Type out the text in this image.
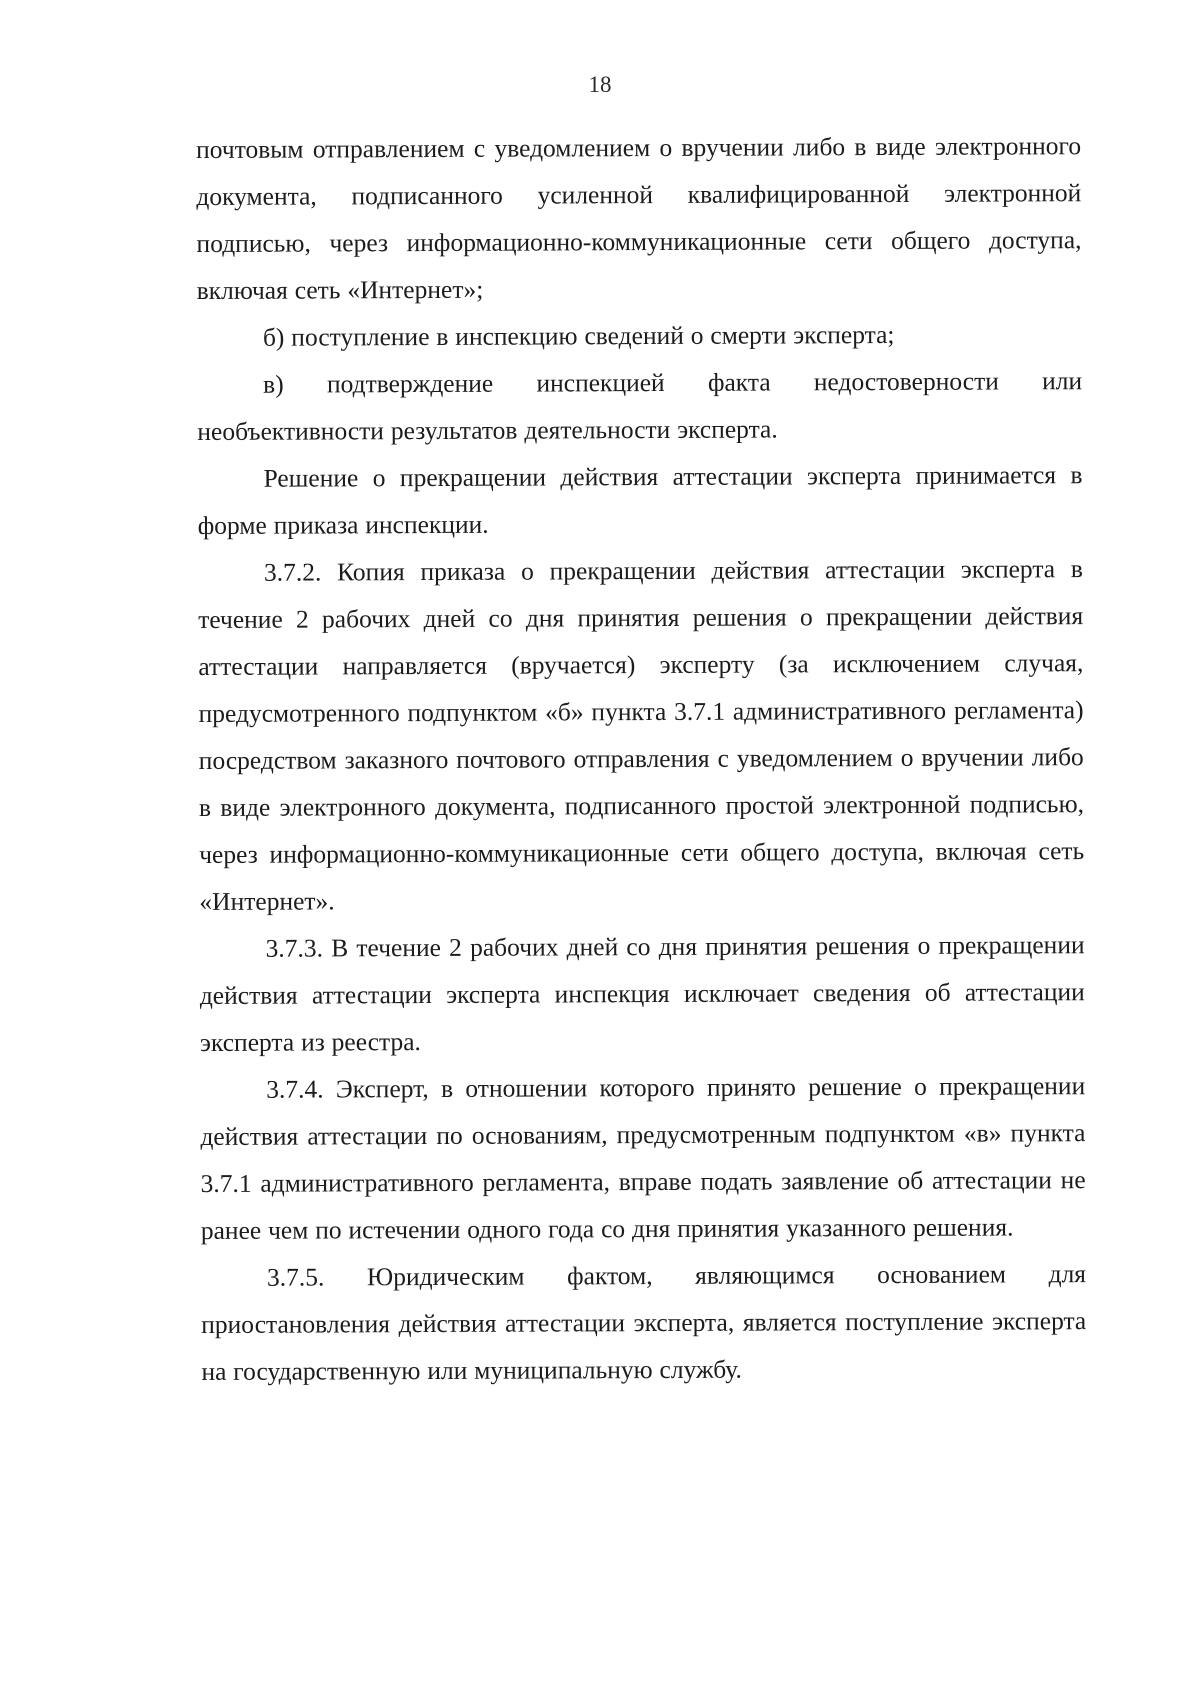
18

почтовым отправлением с уведомлением о вручении либо в виде электронного документа, подписанного усиленной квалифицированной электронной подписью, через информационно-коммуникационные сети общего доступа, включая сеть «Интернет»;

б) поступление в инспекцию сведений о смерти эксперта;

в) подтверждение инспекцией факта недостоверности или необъективности результатов деятельности эксперта.

Решение о прекращении действия аттестации эксперта принимается в форме приказа инспекции.

3.7.2. Копия приказа о прекращении действия аттестации эксперта в течение 2 рабочих дней со дня принятия решения о прекращении действия аттестации направляется (вручается) эксперту (за исключением случая, предусмотренного подпунктом «б» пункта 3.7.1 административного регламента) посредством заказного почтового отправления с уведомлением о вручении либо в виде электронного документа, подписанного простой электронной подписью, через информационно-коммуникационные сети общего доступа, включая сеть «Интернет».

3.7.3. В течение 2 рабочих дней со дня принятия решения о прекращении действия аттестации эксперта инспекция исключает сведения об аттестации эксперта из реестра.

3.7.4. Эксперт, в отношении которого принято решение о прекращении действия аттестации по основаниям, предусмотренным подпунктом «в» пункта 3.7.1 административного регламента, вправе подать заявление об аттестации не ранее чем по истечении одного года со дня принятия указанного решения.

3.7.5. Юридическим фактом, являющимся основанием для приостановления действия аттестации эксперта, является поступление эксперта на государственную или муниципальную службу.
